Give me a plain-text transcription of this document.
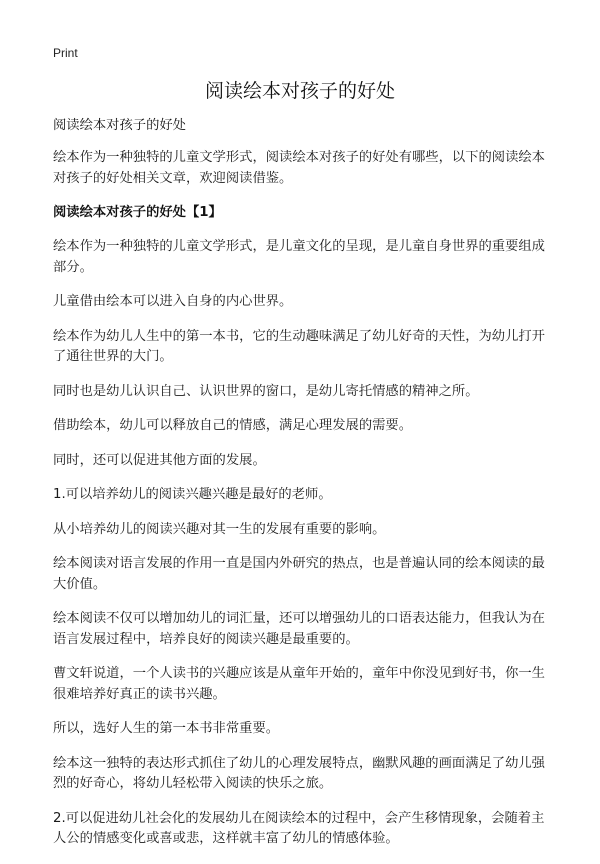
Print
阅读绘本对孩子的好处

阅读绘本对孩子的好处

绘本作为一种独特的儿童文学形式，阅读绘本对孩子的好处有哪些，以下的阅读绘本对孩子的好处相关文章，欢迎阅读借鉴。

阅读绘本对孩子的好处【1】

绘本作为一种独特的儿童文学形式，是儿童文化的呈现，是儿童自身世界的重要组成部分。

儿童借由绘本可以进入自身的内心世界。

绘本作为幼儿人生中的第一本书，它的生动趣味满足了幼儿好奇的天性，为幼儿打开了通往世界的大门。

同时也是幼儿认识自己、认识世界的窗口，是幼儿寄托情感的精神之所。

借助绘本，幼儿可以释放自己的情感，满足心理发展的需要。

同时，还可以促进其他方面的发展。

1.可以培养幼儿的阅读兴趣兴趣是最好的老师。

从小培养幼儿的阅读兴趣对其一生的发展有重要的影响。

绘本阅读对语言发展的作用一直是国内外研究的热点，也是普遍认同的绘本阅读的最大价值。

绘本阅读不仅可以增加幼儿的词汇量，还可以增强幼儿的口语表达能力，但我认为在语言发展过程中，培养良好的阅读兴趣是最重要的。

曹文轩说道，一个人读书的兴趣应该是从童年开始的，童年中你没见到好书，你一生很难培养好真正的读书兴趣。

所以，选好人生的第一本书非常重要。

绘本这一独特的表达形式抓住了幼儿的心理发展特点，幽默风趣的画面满足了幼儿强烈的好奇心，将幼儿轻松带入阅读的快乐之旅。

2.可以促进幼儿社会化的发展幼儿在阅读绘本的过程中，会产生移情现象，会随着主人公的情感变化或喜或悲，这样就丰富了幼儿的情感体验。
